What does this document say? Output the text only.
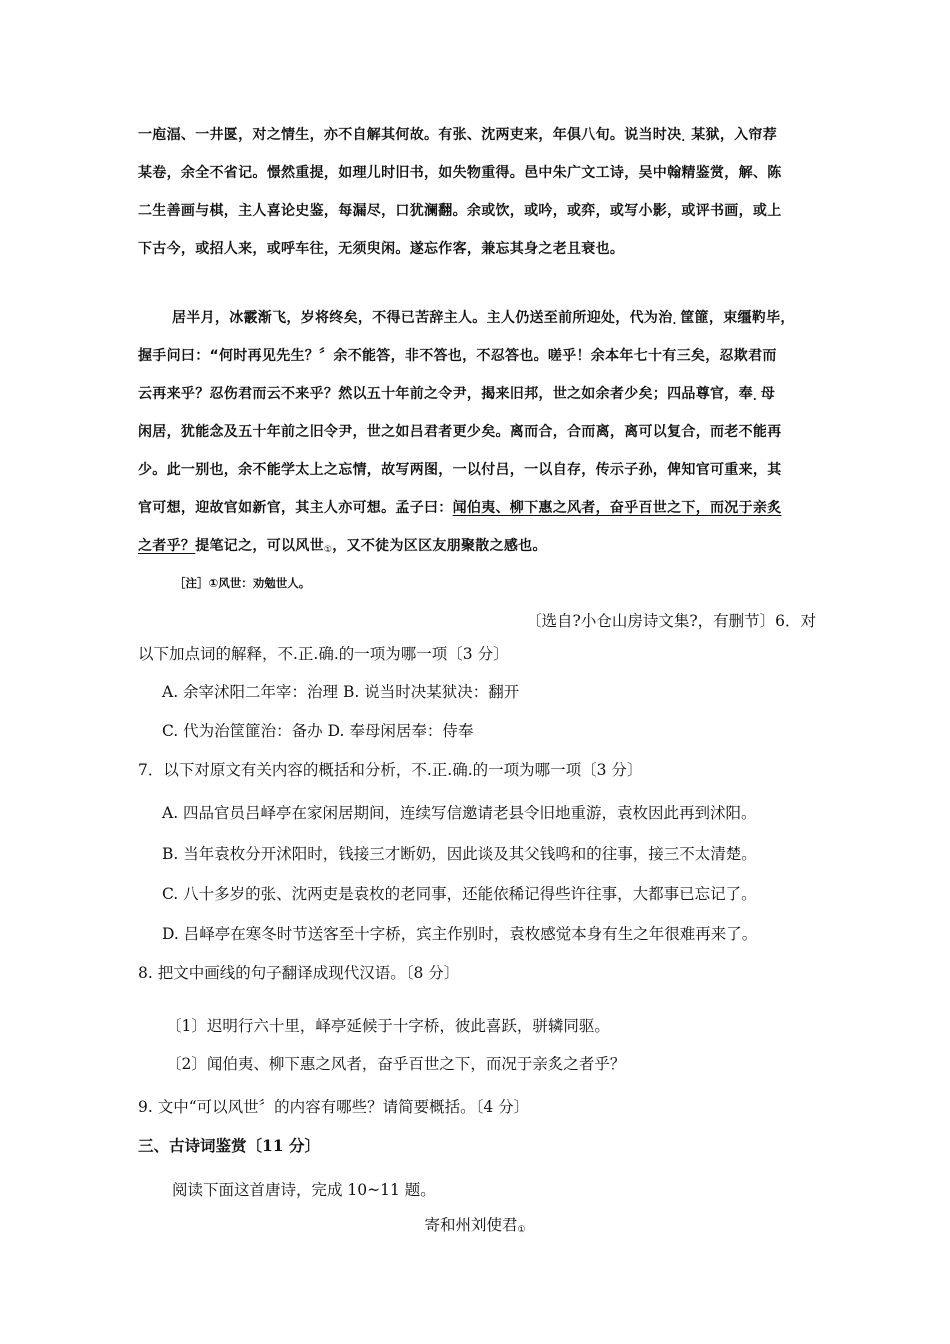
一庖湢、一井匽，对之情生，亦不自解其何故。有张、沈两吏来，年俱八旬。说当时决.某狱，入帘荐
某卷，余全不省记。憬然重提，如理儿时旧书，如失物重得。邑中朱广文工诗，吴中翰精鉴赏，解、陈
二生善画与棋，主人喜论史鉴，每漏尽，口犹澜翻。余或饮，或吟，或弈，或写小影，或评书画，或上
下古今，或招人来，或呼车往，无须臾闲。遂忘作客，兼忘其身之老且衰也。
居半月，冰霰渐飞，岁将终矣，不得已苦辞主人。主人仍送至前所迎处，代为治.筐篚，束缰靮毕，
握手问曰：“何时再见先生？〞余不能答，非不答也，不忍答也。嗟乎！余本年七十有三矣，忍欺君而
云再来乎？忍伤君而云不来乎？然以五十年前之令尹，揭来旧邦，世之如余者少矣；四品尊官，奉.母
闲居，犹能念及五十年前之旧令尹，世之如吕君者更少矣。离而合，合而离，离可以复合，而老不能再
少。此一别也，余不能学太上之忘情，故写两图，一以付吕，一以自存，传示子孙，俾知官可重来，其
官可想，迎故官如新官，其主人亦可想。孟子曰：闻伯夷、柳下惠之风者，奋乎百世之下，而况于亲炙
之者乎？提笔记之，可以风世$_①$，又不徒为区区友朋聚散之感也。
［注］①风世：劝勉世人。
〔选自?小仓山房诗文集?，有删节〕6．对
以下加点词的解释，不.正.确.的一项为哪一项〔3 分〕
A. 余宰沭阳二年宰：治理 B. 说当时决某狱决：翻开
C. 代为治筐篚治：备办 D. 奉母闲居奉：侍奉
7．以下对原文有关内容的概括和分析，不.正.确.的一项为哪一项〔3 分〕
A. 四品官员吕峄亭在家闲居期间，连续写信邀请老县令旧地重游，袁枚因此再到沭阳。
B. 当年袁枚分开沭阳时，钱接三才断奶，因此谈及其父钱鸣和的往事，接三不太清楚。
C. 八十多岁的张、沈两吏是袁枚的老同事，还能依稀记得些许往事，大都事已忘记了。
D. 吕峄亭在寒冬时节送客至十字桥，宾主作别时，袁枚感觉本身有生之年很难再来了。
8. 把文中画线的句子翻译成现代汉语。〔8 分〕
〔1〕迟明行六十里，峄亭延候于十字桥，彼此喜跃，骈辚同驱。
〔2〕闻伯夷、柳下惠之风者，奋乎百世之下，而况于亲炙之者乎？
9. 文中“可以风世〞的内容有哪些？请简要概括。〔4 分〕
三、古诗词鉴赏〔11 分〕
阅读下面这首唐诗，完成 10~11 题。
寄和州刘使君$_①$
